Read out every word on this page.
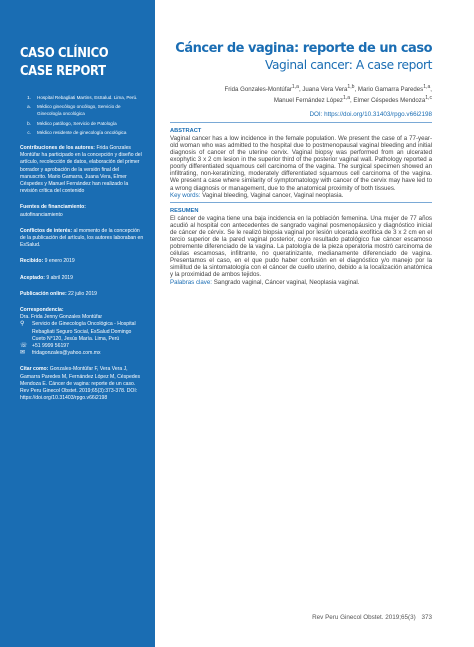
CASO CLÍNICO
CASE REPORT
1.	Hospital Rebagliati Martins, EsSalud. Lima, Perú.
a.	Médico ginecólogo oncólogo, Servicio de Ginecología oncológica
b.	Médico patólogo, Servicio de Patología
c.	Médico residente de ginecología oncológica
Contribuciones de los autores: Frida Gonzales Montúfar ha participado en la concepción y diseño del artículo, recolección de datos, elaboración del primer borrador y aprobación de la versión final del manuscrito. Mario Gamarra, Juana Vera, Elmer Céspedes y Manuel Fernández han realizado la revisión crítica del contenido
Fuentes de financiamiento:
autofinanciamiento
Conflictos de interés: al momento de la concepción de la publicación del artículo, los autores laboraban en EsSalud.
Recibido: 9 enero 2019
Aceptado: 9 abril 2019
Publicación online: 22 julio 2019
Correspondencia:
Dra. Frida Jenny Gonzales Montúfar
⚲	Servicio de Ginecología Oncológica - Hospital Rebagliati Seguro Social, EsSalud Domingo Cueto N°120, Jesús María. Lima, Perú
☏ +51 9999 56197
✉	fridagonzales@yahoo.com.mx
Citar como: Gonzales-Montúfar F, Vera Vera J, Gamarra Paredes M, Fernández López M, Céspedes Mendoza E. Cáncer de vagina: reporte de un caso. Rev Peru Ginecol Obstet. 2019;65(3):373-378. DOI: https://doi.org/10.31403/rpgo.v66i2198
Cáncer de vagina: reporte de un caso
Vaginal cancer: A case report
Frida Gonzales-Montúfar$^{1,a}$, Juana Vera Vera$^{1,b}$, Mario Gamarra Paredes$^{1,a}$,
Manuel Fernández López$^{1,a}$, Elmer Céspedes Mendoza$^{1,c}$
DOI: https://doi.org/10.31403/rpgo.v66i2198
ABSTRACT
Vaginal cancer has a low incidence in the female population. We present the case of a 77-year-old woman who was admitted to the hospital due to postmenopausal vaginal bleeding and initial diagnosis of cancer of the uterine cervix. Vaginal biopsy was performed from an ulcerated exophytic 3 x 2 cm lesion in the superior third of the posterior vaginal wall. Pathology reported a poorly differentiated squamous cell carcinoma of the vagina. The surgical specimen showed an infiltrating, non-keratinizing, moderately differentiated squamous cell carcinoma of the vagina. We present a case where similarity of symptomatology with cancer of the cervix may have led to a wrong diagnosis or management, due to the anatomical proximity of both tissues.
Key words: Vaginal bleeding, Vaginal cancer, Vaginal neoplasia.
RESUMEN
El cáncer de vagina tiene una baja incidencia en la población femenina. Una mujer de 77 años acudió al hospital con antecedentes de sangrado vaginal posmenopáusico y diagnóstico inicial de cáncer de cérvix. Se le realizó biopsia vaginal por lesión ulcerada exofítica de 3 x 2 cm en el tercio superior de la pared vaginal posterior, cuyo resultado patológico fue cáncer escamoso pobremente diferenciado de la vagina. La patología de la pieza operatoria mostró carcinoma de células escamosas, infiltrante, no queratinizante, medianamente diferenciado de vagina. Presentamos el caso, en el que pudo haber confusión en el diagnóstico y/o manejo por la similitud de la sintomatología con el cáncer de cuello uterino, debido a la localización anatómica y la proximidad de ambos tejidos.
Palabras clave: Sangrado vaginal, Cáncer vaginal, Neoplasia vaginal.
Rev Peru Ginecol Obstet. 2019;65(3) 373
